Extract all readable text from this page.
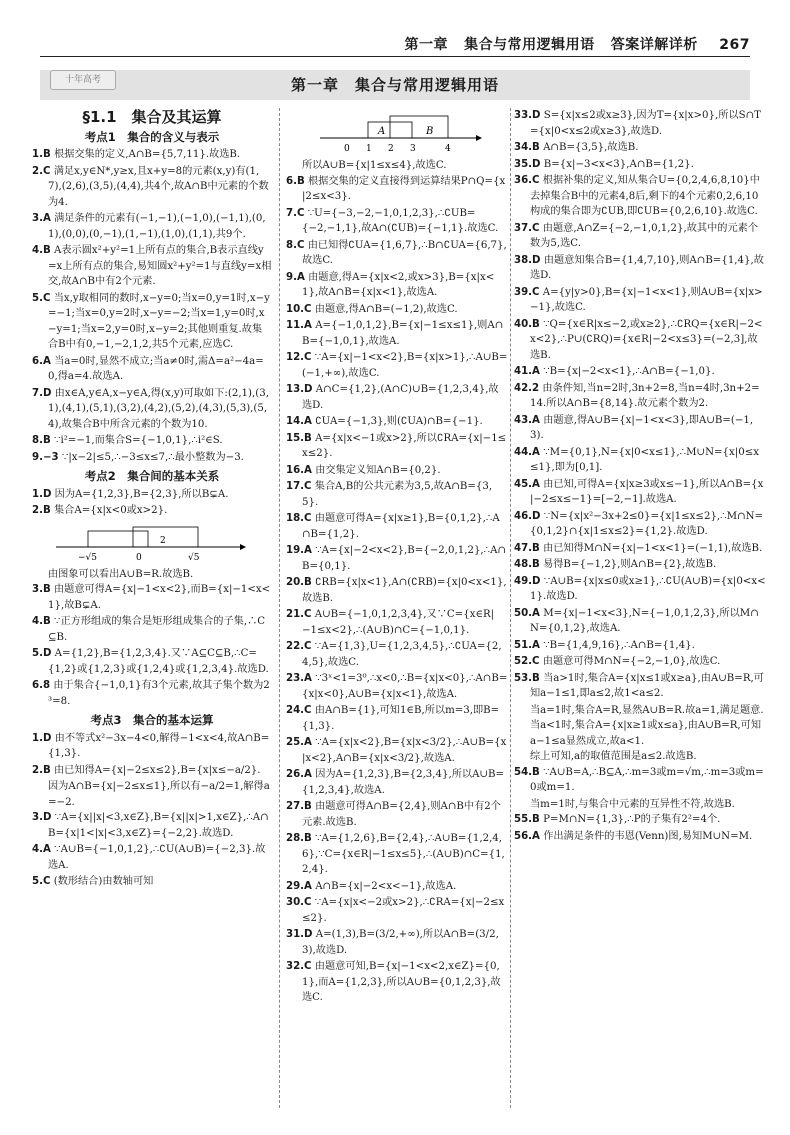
第一章 集合与常用逻辑用语 答案详解详析 267
第一章　集合与常用逻辑用语
十年高考
§1.1　集合及其运算
考点1　集合的含义与表示
1.B 根据交集的定义,A∩B={5,7,11}.故选B.
2.C 满足x,y∈N*,y≥x,且x+y=8的元素(x,y)有(1,7),(2,6),(3,5),(4,4),共4个,故A∩B中元素的个数为4.
3.A 满足条件的元素有(−1,−1),(−1,0),(−1,1),(0,1),(0,0),(0,−1),(1,−1),(1,0),(1,1),共9个.
4.B A表示圆x²+y²=1上所有点的集合,B表示直线y=x上所有点的集合,易知圆x²+y²=1与直线y=x相交,故A∩B中有2个元素.
5.C 当x,y取相同的数时,x−y=0;当x=0,y=1时,x−y=−1;当x=0,y=2时,x−y=−2;当x=1,y=0时,x−y=1;当x=2,y=0时,x−y=2;其他则重复.故集合B中有0,−1,−2,1,2,共5个元素,应选C.
6.A 当a=0时,显然不成立;当a≠0时,需Δ=a²−4a=0,得a=4.故选A.
7.D 由x∈A,y∈A,x−y∈A,得(x,y)可取如下:(2,1),(3,1),(4,1),(5,1),(3,2),(4,2),(5,2),(4,3),(5,3),(5,4),故集合B中所含元素的个数为10.
8.B ∵i²=−1,而集合S={−1,0,1},∴i²∈S.
9.−3 ∵|x−2|≤5,∴−3≤x≤7,∴最小整数为−3.
考点2　集合间的基本关系
1.D 因为A={1,2,3},B={2,3},所以B⊊A.
2.B 集合A={x|x<0或x>2}.
−√5	0
2
√5
由图象可以看出A∪B=R.故选B.
3.B 由题意可得A={x|−1<x<2},而B={x|−1<x<1},故B⊊A.
4.B ∵正方形组成的集合是矩形组成集合的子集,∴C⊆B.
5.D A={1,2},B={1,2,3,4}.又∵A⊆C⊆B,∴C={1,2}或{1,2,3}或{1,2,4}或{1,2,3,4}.故选D.
6.8 由于集合{−1,0,1}有3个元素,故其子集个数为2³=8.
考点3　集合的基本运算
1.D 由不等式x²−3x−4<0,解得−1<x<4,故A∩B={1,3}.
2.B 由已知得A={x|−2≤x≤2},B={x|x≤−a/2}.
因为A∩B={x|−2≤x≤1},所以有−a/2=1,解得a=−2.
3.D ∵A={x||x|<3,x∈Z},B={x||x|>1,x∈Z},∴A∩B={x|1<|x|<3,x∈Z}={−2,2}.故选D.
4.A ∵A∪B={−1,0,1,2},∴∁U(A∪B)={−2,3}.故选A.
5.C (数形结合)由数轴可知
A	B
0 1 2 3	4
所以A∪B={x|1≤x≤4},故选C.
6.B 根据交集的定义直接得到运算结果P∩Q={x|2≤x<3}.
7.C ∵U={−3,−2,−1,0,1,2,3},∴∁UB={−2,−1,1},故A∩(∁UB)={−1,1}.故选C.
8.C 由已知得∁UA={1,6,7},∴B∩∁UA={6,7},故选C.
9.A 由题意,得A={x|x<2,或x>3},B={x|x<1},故A∩B={x|x<1},故选A.
10.C 由题意,得A∩B=(−1,2),故选C.
11.A A={−1,0,1,2},B={x|−1≤x≤1},则A∩B={−1,0,1},故选A.
12.C ∵A={x|−1<x<2},B={x|x>1},∴A∪B=(−1,+∞),故选C.
13.D A∩C={1,2},(A∩C)∪B={1,2,3,4},故选D.
14.A ∁UA={−1,3},则(∁UA)∩B={−1}.
15.B A={x|x<−1或x>2},所以∁RA={x|−1≤x≤2}.
16.A 由交集定义知A∩B={0,2}.
17.C 集合A,B的公共元素为3,5,故A∩B={3,5}.
18.C 由题意可得A={x|x≥1},B={0,1,2},∴A∩B={1,2}.
19.A ∵A={x|−2<x<2},B={−2,0,1,2},∴A∩B={0,1}.
20.B ∁RB={x|x<1},A∩(∁RB)={x|0<x<1},故选B.
21.C A∪B={−1,0,1,2,3,4},又∵C={x∈R|−1≤x<2},∴(A∪B)∩C={−1,0,1}.
22.C ∵A={1,3},U={1,2,3,4,5},∴∁UA={2,4,5},故选C.
23.A ∵3ˣ<1=3⁰,∴x<0,∴B={x|x<0},∴A∩B={x|x<0},A∪B={x|x<1},故选A.
24.C 由A∩B={1},可知1∈B,所以m=3,即B={1,3}.
25.A ∵A={x|x<2},B={x|x<3/2},∴A∪B={x|x<2},A∩B={x|x<3/2},故选A.
26.A 因为A={1,2,3},B={2,3,4},所以A∪B={1,2,3,4},故选A.
27.B 由题意可得A∩B={2,4},则A∩B中有2个元素.故选B.
28.B ∵A={1,2,6},B={2,4},∴A∪B={1,2,4,6},∵C={x∈R|−1≤x≤5},∴(A∪B)∩C={1,2,4}.
29.A A∩B={x|−2<x<−1},故选A.
30.C ∵A={x|x<−2或x>2},∴∁RA={x|−2≤x≤2}.
31.D A=(1,3),B=(3/2,+∞),所以A∩B=(3/2,3),故选D.
32.C 由题意可知,B={x|−1<x<2,x∈Z}={0,1},而A={1,2,3},所以A∪B={0,1,2,3},故选C.
33.D S={x|x≤2或x≥3},因为T={x|x>0},所以S∩T={x|0<x≤2或x≥3},故选D.
34.B A∩B={3,5},故选B.
35.D B={x|−3<x<3},A∩B={1,2}.
36.C 根据补集的定义,知从集合U={0,2,4,6,8,10}中去掉集合B中的元素4,8后,剩下的4个元素0,2,6,10构成的集合即为∁UB,即∁UB={0,2,6,10}.故选C.
37.C 由题意,A∩Z={−2,−1,0,1,2},故其中的元素个数为5,选C.
38.D 由题意知集合B={1,4,7,10},则A∩B={1,4},故选D.
39.C A={y|y>0},B={x|−1<x<1},则A∪B={x|x>−1},故选C.
40.B ∵Q={x∈R|x≤−2,或x≥2},∴∁RQ={x∈R|−2<x<2},∴P∪(∁RQ)={x∈R|−2<x≤3}=(−2,3],故选B.
41.A ∵B={x|−2<x<1},∴A∩B={−1,0}.
42.2 由条件知,当n=2时,3n+2=8,当n=4时,3n+2=14.所以A∩B={8,14}.故元素个数为2.
43.A 由题意,得A∪B={x|−1<x<3},即A∪B=(−1,3).
44.A ∵M={0,1},N={x|0<x≤1},∴M∪N={x|0≤x≤1},即为[0,1].
45.A 由已知,可得A={x|x≥3或x≤−1},所以A∩B={x|−2≤x≤−1}=[−2,−1].故选A.
46.D ∵N={x|x²−3x+2≤0}={x|1≤x≤2},∴M∩N={0,1,2}∩{x|1≤x≤2}={1,2}.故选D.
47.B 由已知得M∩N={x|−1<x<1}=(−1,1),故选B.
48.B 易得B={−1,2},则A∩B={2},故选B.
49.D ∵A∪B={x|x≤0或x≥1},∴∁U(A∪B)={x|0<x<1}.故选D.
50.A M={x|−1<x<3},N={−1,0,1,2,3},所以M∩N={0,1,2},故选A.
51.A ∵B={1,4,9,16},∴A∩B={1,4}.
52.C 由题意可得M∩N={−2,−1,0},故选C.
53.B 当a>1时,集合A={x|x≤1或x≥a},由A∪B=R,可知a−1≤1,即a≤2,故1<a≤2.
当a=1时,集合A=R,显然A∪B=R.故a=1,满足题意.
当a<1时,集合A={x|x≥1或x≤a},由A∪B=R,可知a−1≤a显然成立,故a<1.
综上可知,a的取值范围是a≤2.故选B.
54.B ∵A∪B=A,∴B⊆A,∴m=3或m=√m,∴m=3或m=0或m=1.
当m=1时,与集合中元素的互异性不符,故选B.
55.B P=M∩N={1,3},∴P的子集有2²=4个.
56.A 作出满足条件的韦恩(Venn)图,易知M∪N=M.
